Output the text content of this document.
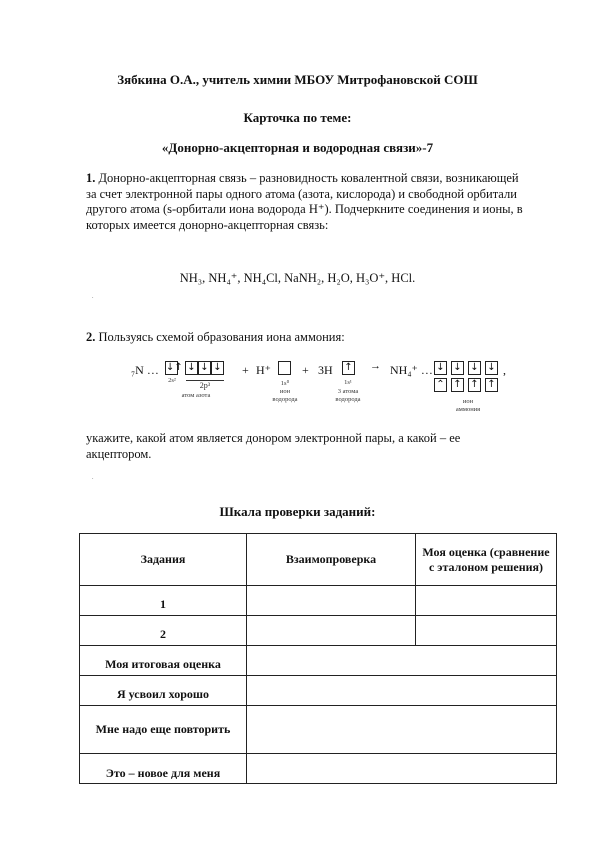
Зябкина О.А., учитель химии МБОУ Митрофановской СОШ
Карточка по теме:
«Донорно-акцепторная и водородная связи»-7
1. Донорно-акцепторная связь – разновидность ковалентной связи, возникающей за счет электронной пары одного атома (азота, кислорода) и свободной орбитали другого атома (s-орбитали иона водорода Н⁺). Подчеркните соединения и ионы, в которых имеется донорно-акцепторная связь:
NH₃, NH₄⁺, NH₄Cl, NaNH₂, H₂O, H₃O⁺, HCl.
.
2. Пользуясь схемой образования иона аммония:
₇N … ↓↑ ↓ ↓ ↓
2s²
2p³
атом азота
+ H⁺
1s⁰
ион
водорода
+ 3H ↑
1s¹
3 атома
водорода
→ NH₄⁺ … ↓ ↓ ↓ ↓
⌃ ↑ ↑ ↑
,
ион
аммония
укажите, какой атом является донором электронной пары, а какой – ее акцептором.
.
Шкала проверки заданий:
Задания	Взаимопроверка	Моя оценка (сравнение с эталоном решения)
1		
2		
Моя итоговая оценка		
Я усвоил хорошо		
Мне надо еще повторить		
Это – новое для меня		
